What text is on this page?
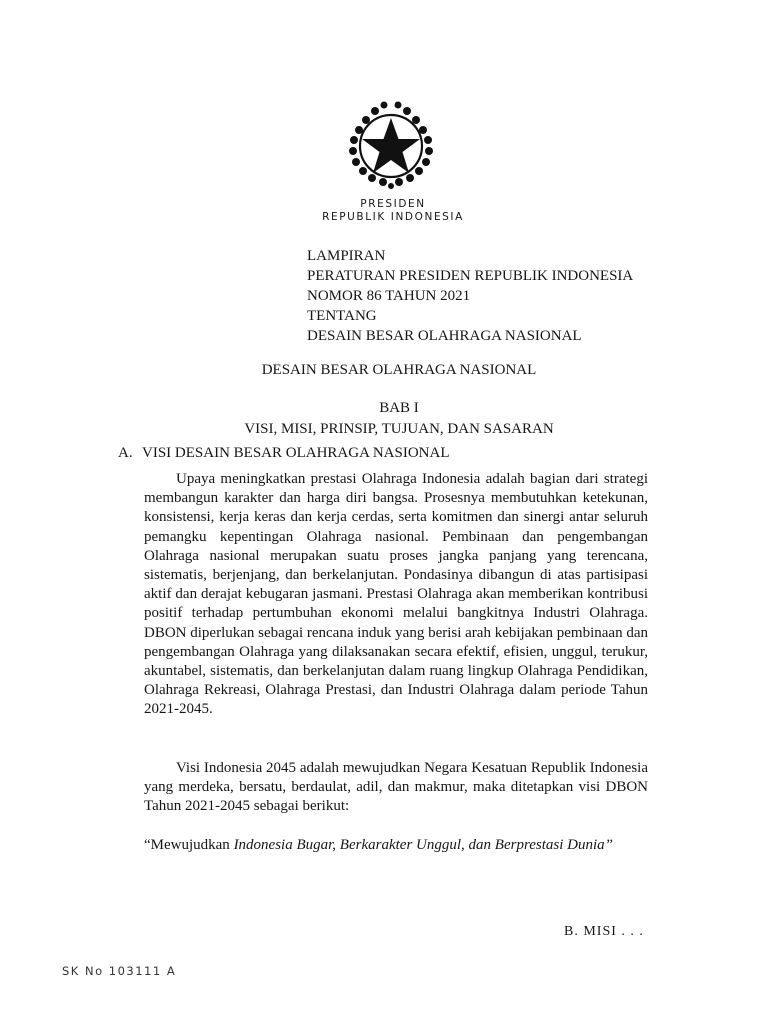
PRESIDEN
REPUBLIK INDONESIA
LAMPIRAN
PERATURAN PRESIDEN REPUBLIK INDONESIA
NOMOR 86 TAHUN 2021
TENTANG
DESAIN BESAR OLAHRAGA NASIONAL
DESAIN BESAR OLAHRAGA NASIONAL
BAB I
VISI, MISI, PRINSIP, TUJUAN, DAN SASARAN
A. VISI DESAIN BESAR OLAHRAGA NASIONAL

Upaya meningkatkan prestasi Olahraga Indonesia adalah bagian dari strategi membangun karakter dan harga diri bangsa. Prosesnya membutuhkan ketekunan, konsistensi, kerja keras dan kerja cerdas, serta komitmen dan sinergi antar seluruh pemangku kepentingan Olahraga nasional. Pembinaan dan pengembangan Olahraga nasional merupakan suatu proses jangka panjang yang terencana, sistematis, berjenjang, dan berkelanjutan. Pondasinya dibangun di atas partisipasi aktif dan derajat kebugaran jasmani. Prestasi Olahraga akan memberikan kontribusi positif terhadap pertumbuhan ekonomi melalui bangkitnya Industri Olahraga. DBON diperlukan sebagai rencana induk yang berisi arah kebijakan pembinaan dan pengembangan Olahraga yang dilaksanakan secara efektif, efisien, unggul, terukur, akuntabel, sistematis, dan berkelanjutan dalam ruang lingkup Olahraga Pendidikan, Olahraga Rekreasi, Olahraga Prestasi, dan Industri Olahraga dalam periode Tahun 2021-2045.

Visi Indonesia 2045 adalah mewujudkan Negara Kesatuan Republik Indonesia yang merdeka, bersatu, berdaulat, adil, dan makmur, maka ditetapkan visi DBON Tahun 2021-2045 sebagai berikut:

“Mewujudkan Indonesia Bugar, Berkarakter Unggul, dan Berprestasi Dunia”

B. MISI . . .
SK No 103111 A
